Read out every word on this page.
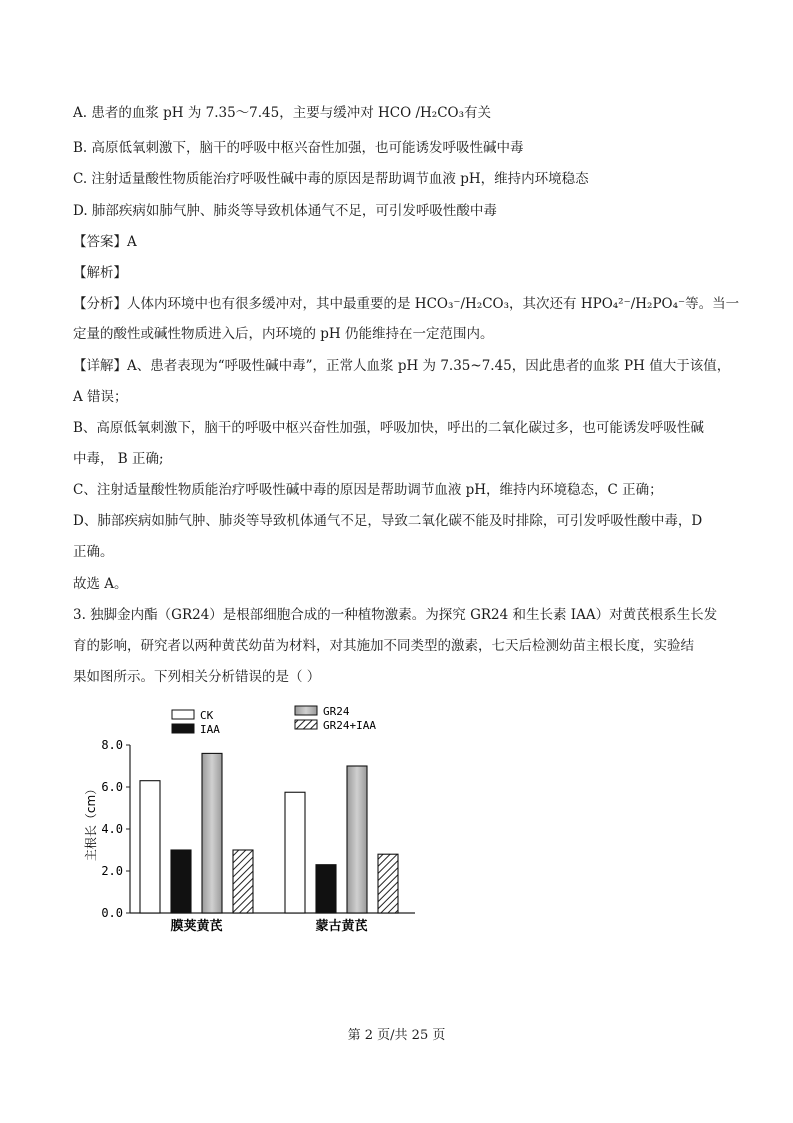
A. 患者的血浆 pH 为 7.35～7.45，主要与缓冲对 HCO /H₂CO₃有关
B. 高原低氧刺激下，脑干的呼吸中枢兴奋性加强，也可能诱发呼吸性碱中毒
C. 注射适量酸性物质能治疗呼吸性碱中毒的原因是帮助调节血液 pH，维持内环境稳态
D. 肺部疾病如肺气肿、肺炎等导致机体通气不足，可引发呼吸性酸中毒
【答案】A
【解析】
【分析】人体内环境中也有很多缓冲对，其中最重要的是 HCO₃⁻/H₂CO₃，其次还有 HPO₄²⁻/H₂PO₄⁻等。当一
定量的酸性或碱性物质进入后，内环境的 pH 仍能维持在一定范围内。
【详解】A、患者表现为“呼吸性碱中毒”，正常人血浆 pH 为 7.35~7.45，因此患者的血浆 PH 值大于该值，
A 错误；
B、高原低氧刺激下，脑干的呼吸中枢兴奋性加强，呼吸加快，呼出的二氧化碳过多，也可能诱发呼吸性碱
中毒， B 正确;
C、注射适量酸性物质能治疗呼吸性碱中毒的原因是帮助调节血液 pH，维持内环境稳态，C 正确；
D、肺部疾病如肺气肿、肺炎等导致机体通气不足，导致二氧化碳不能及时排除，可引发呼吸性酸中毒，D
正确。
故选 A。
3. 独脚金内酯（GR24）是根部细胞合成的一种植物激素。为探究 GR24 和生长素 IAA）对黄芪根系生长发
育的影响，研究者以两种黄芪幼苗为材料，对其施加不同类型的激素，七天后检测幼苗主根长度，实验结
果如图所示。下列相关分析错误的是（ ）
CK
IAA
GR24
GR24+IAA
0.0
2.0
4.0
6.0
8.0
主根长（cm）
膜荚黄芪	蒙古黄芪
第 2 页/共 25 页
